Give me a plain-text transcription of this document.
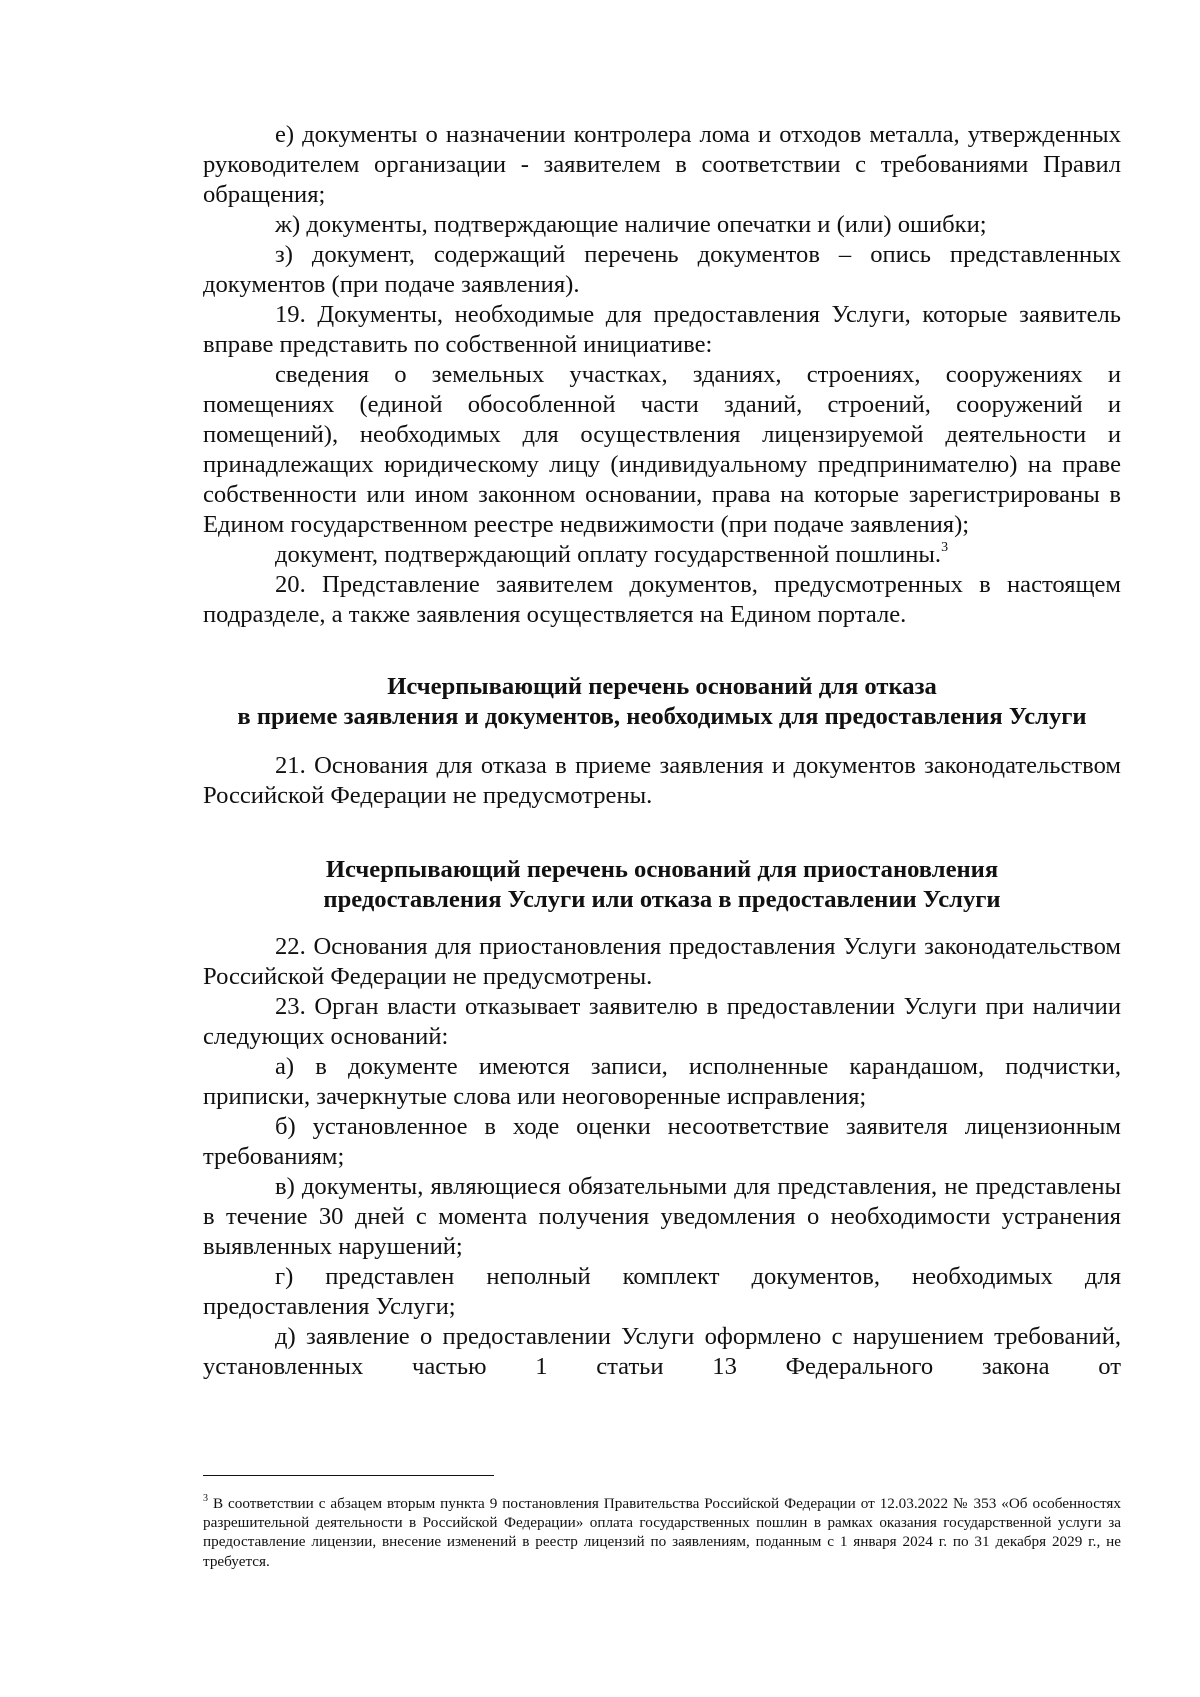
е) документы о назначении контролера лома и отходов металла, утвержденных руководителем организации - заявителем в соответствии с требованиями Правил обращения;

ж) документы, подтверждающие наличие опечатки и (или) ошибки;

з) документ, содержащий перечень документов – опись представленных документов (при подаче заявления).

19. Документы, необходимые для предоставления Услуги, которые заявитель вправе представить по собственной инициативе:

сведения о земельных участках, зданиях, строениях, сооружениях и помещениях (единой обособленной части зданий, строений, сооружений и помещений), необходимых для осуществления лицензируемой деятельности и принадлежащих юридическому лицу (индивидуальному предпринимателю) на праве собственности или ином законном основании, права на которые зарегистрированы в Едином государственном реестре недвижимости (при подаче заявления);

документ, подтверждающий оплату государственной пошлины.$^3$

20. Представление заявителем документов, предусмотренных в настоящем подразделе, а также заявления осуществляется на Едином портале.

Исчерпывающий перечень оснований для отказа
в приеме заявления и документов, необходимых для предоставления Услуги

21. Основания для отказа в приеме заявления и документов законодательством Российской Федерации не предусмотрены.

Исчерпывающий перечень оснований для приостановления
предоставления Услуги или отказа в предоставлении Услуги

22. Основания для приостановления предоставления Услуги законодательством Российской Федерации не предусмотрены.

23. Орган власти отказывает заявителю в предоставлении Услуги при наличии следующих оснований:

а) в документе имеются записи, исполненные карандашом, подчистки, приписки, зачеркнутые слова или неоговоренные исправления;

б) установленное в ходе оценки несоответствие заявителя лицензионным требованиям;

в) документы, являющиеся обязательными для представления, не представлены в течение 30 дней с момента получения уведомления о необходимости устранения выявленных нарушений;

г) представлен неполный комплект документов, необходимых для предоставления Услуги;

д) заявление о предоставлении Услуги оформлено с нарушением требований, установленных частью 1 статьи 13 Федерального закона от

$^3$ В соответствии с абзацем вторым пункта 9 постановления Правительства Российской Федерации от 12.03.2022 № 353 «Об особенностях разрешительной деятельности в Российской Федерации» оплата государственных пошлин в рамках оказания государственной услуги за предоставление лицензии, внесение изменений в реестр лицензий по заявлениям, поданным с 1 января 2024 г. по 31 декабря 2029 г., не требуется.
